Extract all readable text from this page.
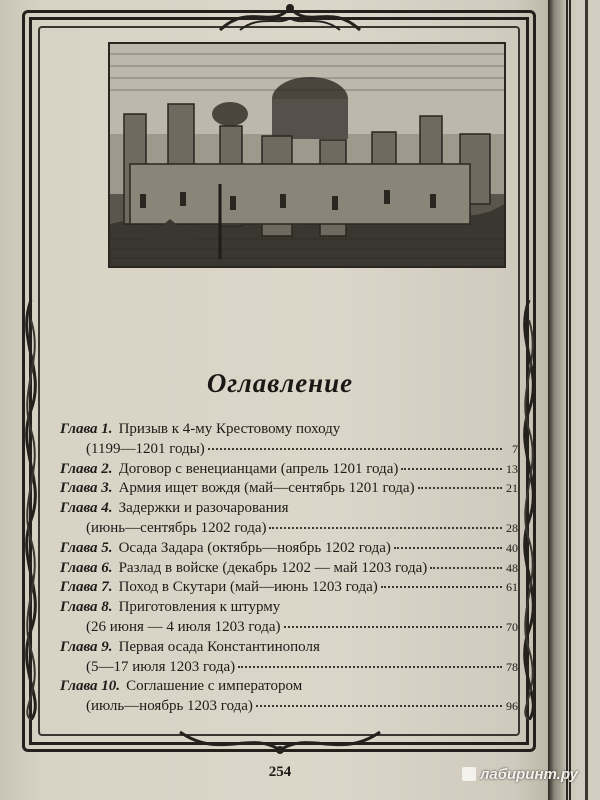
Оглавление
Глава 1. Призыв к 4-му Крестовому походу
(1199—1201 годы)	7
Глава 2. Договор с венецианцами (апрель 1201 года)	13
Глава 3. Армия ищет вождя (май—сентябрь 1201 года)	21
Глава 4. Задержки и разочарования
(июнь—сентябрь 1202 года)	28
Глава 5. Осада Задара (октябрь—ноябрь 1202 года)	40
Глава 6. Разлад в войске (декабрь 1202 — май 1203 года)	48
Глава 7. Поход в Скутари (май—июнь 1203 года)	61
Глава 8. Приготовления к штурму
(26 июня — 4 июля 1203 года)	70
Глава 9. Первая осада Константинополя
(5—17 июля 1203 года)	78
Глава 10. Соглашение с императором
(июль—ноябрь 1203 года)	96
254	лабиринт.ру
